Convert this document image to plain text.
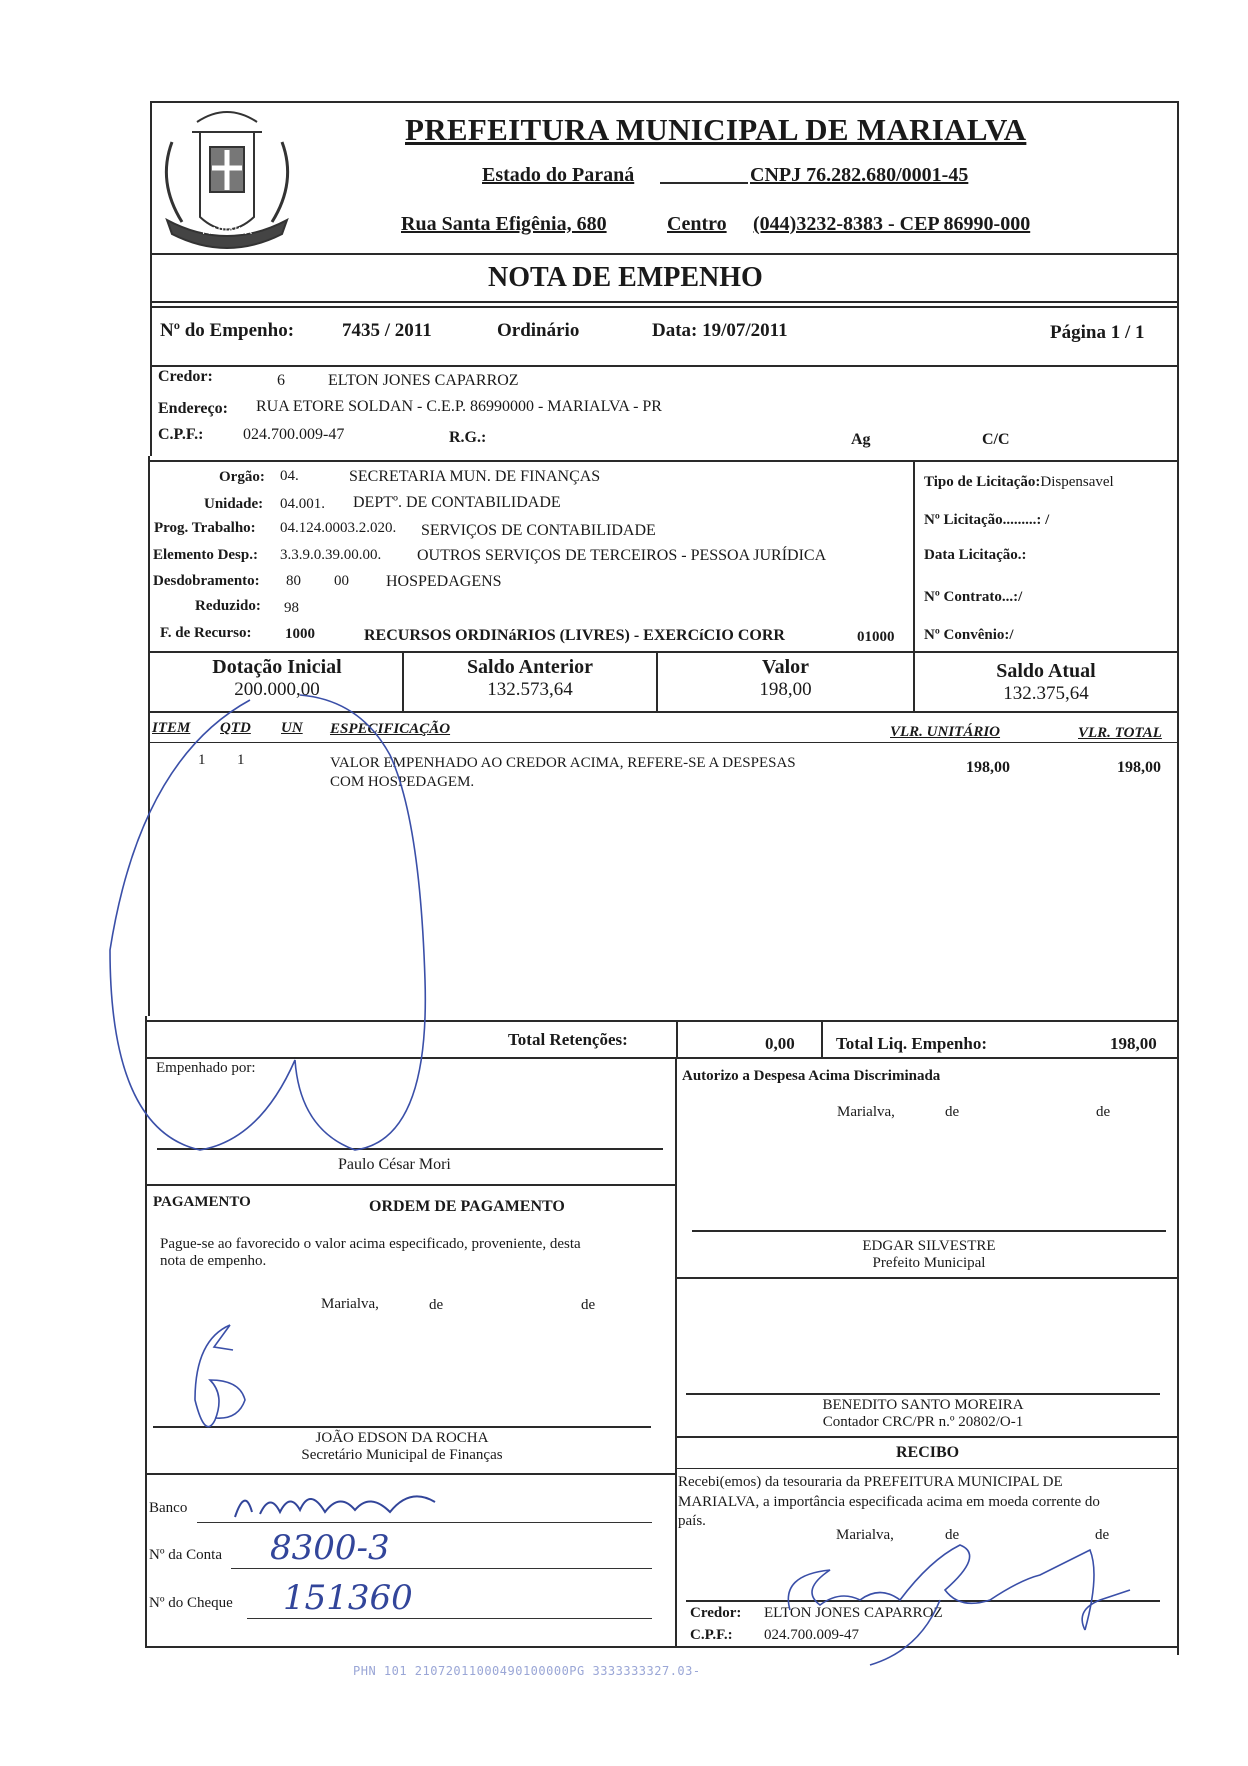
MARIALVA
PREFEITURA MUNICIPAL DE MARIALVA
Estado do Paraná	CNPJ 76.282.680/0001-45
Rua Santa Efigênia, 680	Centro (044)3232-8383 - CEP 86990-000
NOTA DE EMPENHO
Nº do Empenho:	7435 / 2011	Ordinário	Data: 19/07/2011	Página 1 / 1
Credor:	6	ELTON JONES CAPARROZ
Endereço: RUA ETORE SOLDAN - C.E.P. 86990000 - MARIALVA - PR
C.P.F.: 024.700.009-47	R.G.:	Ag	C/C
Orgão: 04.	SECRETARIA MUN. DE FINANÇAS
Unidade: 04.001. DEPTº. DE CONTABILIDADE
Prog. Trabalho: 04.124.0003.2.020. SERVIÇOS DE CONTABILIDADE
Elemento Desp.: 3.3.9.0.39.00.00. OUTROS SERVIÇOS DE TERCEIROS - PESSOA JURÍDICA
Desdobramento: 80 00 HOSPEDAGENS
Reduzido: 98
F. de Recurso: 1000	RECURSOS ORDINáRIOS (LIVRES) - EXERCíCIO CORR	01000
Tipo de Licitação:Dispensavel
Nº Licitação.........: /
Data Licitação.:
Nº Contrato...:/
Nº Convênio:/
Dotação Inicial
200.000,00
Saldo Anterior
132.573,64
Valor
198,00
Saldo Atual
132.375,64
ITEM QTD UN ESPECIFICAÇÃO	VLR. UNITÁRIO	VLR. TOTAL
1 1	VALOR EMPENHADO AO CREDOR ACIMA, REFERE-SE A DESPESAS
COM HOSPEDAGEM.
198,00	198,00
Total Retenções:	0,00 Total Liq. Empenho:	198,00
Empenhado por:
Paulo César Mori
Autorizo a Despesa Acima Discriminada
Marialva,	de	de
EDGAR SILVESTRE
Prefeito Municipal
PAGAMENTO	ORDEM DE PAGAMENTO
Pague-se ao favorecido o valor acima especificado, proveniente, desta
nota de empenho.
Marialva,	de	de
JOÃO EDSON DA ROCHA
Secretário Municipal de Finanças
BENEDITO SANTO MOREIRA
Contador CRC/PR n.º 20802/O-1
Banco
Nº da Conta 8300-3
Nº do Cheque 151360
RECIBO
Recebi(emos) da tesouraria da PREFEITURA MUNICIPAL DE
MARIALVA, a importância especificada acima em moeda corrente do
país.
Marialva,	de	de
Credor: ELTON JONES CAPARROZ
C.P.F.: 024.700.009-47
PHN 101 21072011000490100000PG 3333333327.03-
